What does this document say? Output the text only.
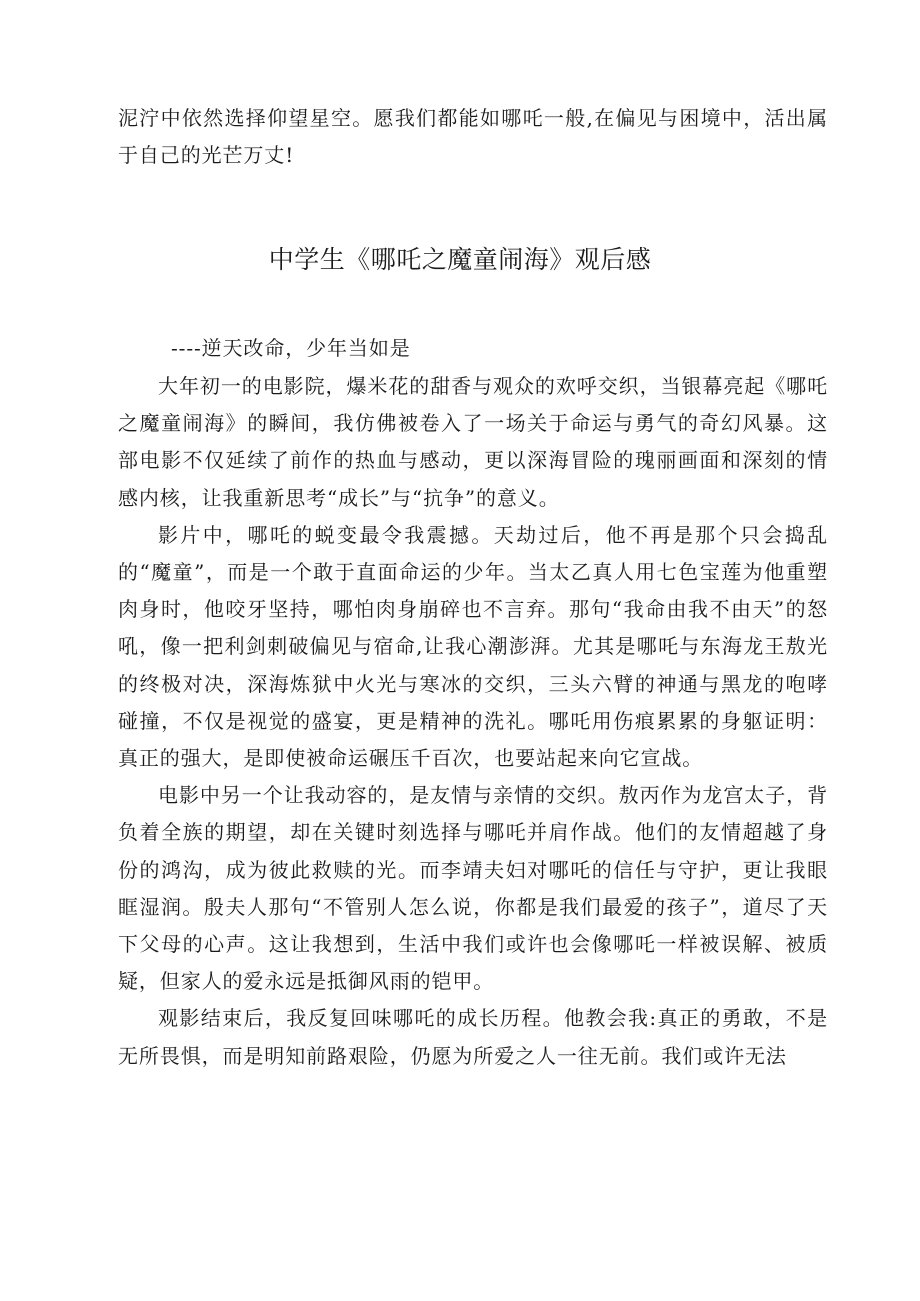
泥泞中依然选择仰望星空。愿我们都能如哪吒一般,在偏见与困境中，活出属于自己的光芒万丈!

中学生《哪吒之魔童闹海》观后感

----逆天改命，少年当如是

大年初一的电影院，爆米花的甜香与观众的欢呼交织，当银幕亮起《哪吒之魔童闹海》的瞬间，我仿佛被卷入了一场关于命运与勇气的奇幻风暴。这部电影不仅延续了前作的热血与感动，更以深海冒险的瑰丽画面和深刻的情感内核，让我重新思考“成长”与“抗争”的意义。

影片中，哪吒的蜕变最令我震撼。天劫过后，他不再是那个只会捣乱的“魔童”，而是一个敢于直面命运的少年。当太乙真人用七色宝莲为他重塑肉身时，他咬牙坚持，哪怕肉身崩碎也不言弃。那句“我命由我不由天”的怒吼，像一把利剑刺破偏见与宿命,让我心潮澎湃。尤其是哪吒与东海龙王敖光的终极对决，深海炼狱中火光与寒冰的交织，三头六臂的神通与黑龙的咆哮碰撞，不仅是视觉的盛宴，更是精神的洗礼。哪吒用伤痕累累的身躯证明：真正的强大，是即使被命运碾压千百次，也要站起来向它宣战。

电影中另一个让我动容的，是友情与亲情的交织。敖丙作为龙宫太子，背负着全族的期望，却在关键时刻选择与哪吒并肩作战。他们的友情超越了身份的鸿沟，成为彼此救赎的光。而李靖夫妇对哪吒的信任与守护，更让我眼眶湿润。殷夫人那句“不管别人怎么说，你都是我们最爱的孩子”，道尽了天下父母的心声。这让我想到，生活中我们或许也会像哪吒一样被误解、被质疑，但家人的爱永远是抵御风雨的铠甲。

观影结束后，我反复回味哪吒的成长历程。他教会我:真正的勇敢，不是无所畏惧，而是明知前路艰险，仍愿为所爱之人一往无前。我们或许无法
